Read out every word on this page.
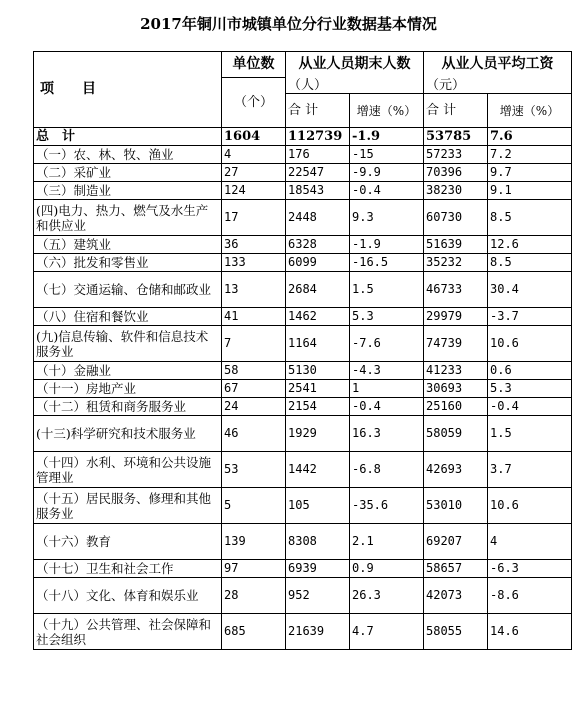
2017年铜川市城镇单位分行业数据基本情况
项　　目	单位数	从业人员期末人数		从业人员平均工资	
	（个）	（人）		（元）	
		合 计	增速（%）	合 计	增速（%）
总　计	1604	112739	-1.9	53785	7.6
（一）农、林、牧、渔业	4	176	-15	57233	7.2
（二）采矿业	27	22547	-9.9	70396	9.7
（三）制造业	124	18543	-0.4	38230	9.1
(四)电力、热力、燃气及水生产和供应业	17	2448	9.3	60730	8.5
（五）建筑业	36	6328	-1.9	51639	12.6
（六）批发和零售业	133	6099	-16.5	35232	8.5
（七）交通运输、仓储和邮政业	13	2684	1.5	46733	30.4
（八）住宿和餐饮业	41	1462	5.3	29979	-3.7
(九)信息传输、软件和信息技术服务业	7	1164	-7.6	74739	10.6
（十）金融业	58	5130	-4.3	41233	0.6
（十一）房地产业	67	2541	1	30693	5.3
（十二）租赁和商务服务业	24	2154	-0.4	25160	-0.4
(十三)科学研究和技术服务业	46	1929	16.3	58059	1.5
（十四）水利、环境和公共设施管理业	53	1442	-6.8	42693	3.7
（十五）居民服务、修理和其他服务业	5	105	-35.6	53010	10.6
（十六）教育	139	8308	2.1	69207	4
（十七）卫生和社会工作	97	6939	0.9	58657	-6.3
（十八）文化、体育和娱乐业	28	952	26.3	42073	-8.6
（十九）公共管理、社会保障和社会组织	685	21639	4.7	58055	14.6
